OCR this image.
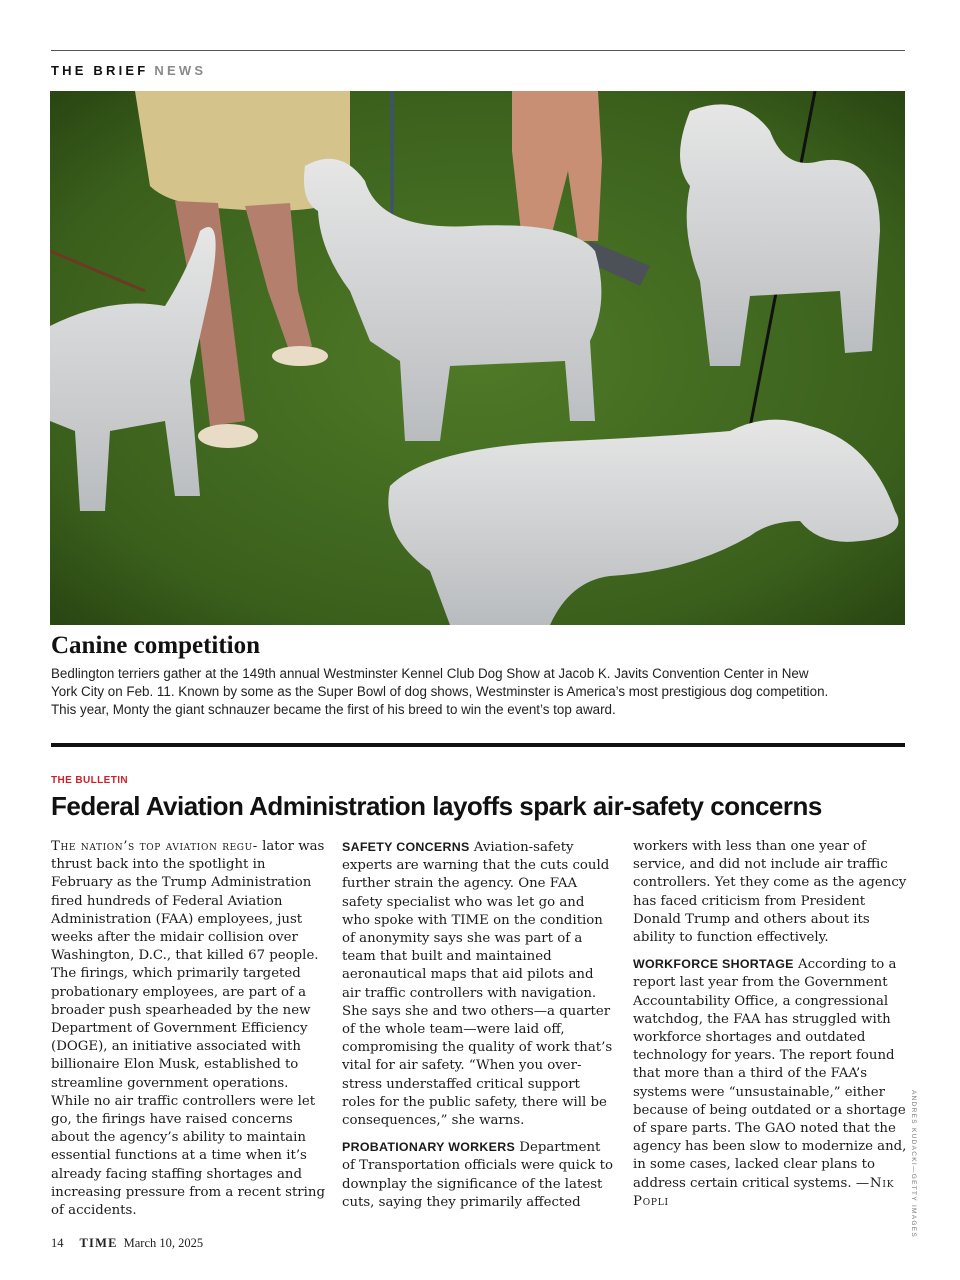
THE BRIEF NEWS
Canine competition
Bedlington terriers gather at the 149th annual Westminster Kennel Club Dog Show at Jacob K. Javits Convention Center in New York City on Feb. 11. Known by some as the Super Bowl of dog shows, Westminster is America’s most prestigious dog competition. This year, Monty the giant schnauzer became the first of his breed to win the event’s top award.
THE BULLETIN
Federal Aviation Administration layoffs spark air-safety concerns

The nation’s top aviation regu- lator was thrust back into the spotlight in February as the Trump Administration fired hundreds of Federal Aviation Administration (FAA) employees, just weeks after the midair collision over Washington, D.C., that killed 67 people. The firings, which primarily targeted probationary employees, are part of a broader push spearheaded by the new Department of Government Efficiency (DOGE), an initiative associated with billionaire Elon Musk, established to streamline government operations. While no air traffic controllers were let go, the firings have raised concerns about the agency’s ability to maintain essential functions at a time when it’s already facing staffing shortages and increasing pressure from a recent string of accidents.

SAFETY CONCERNS Aviation-safety experts are warning that the cuts could further strain the agency. One FAA safety specialist who was let go and who spoke with TIME on the condition of anonymity says she was part of a team that built and maintained aeronautical maps that aid pilots and air traffic controllers with navigation. She says she and two others—a quarter of the whole team—were laid off, compromising the quality of work that’s vital for air safety. “When you over-stress understaffed critical support roles for the public safety, there will be consequences,” she warns.

PROBATIONARY WORKERS Department of Transportation officials were quick to downplay the significance of the latest cuts, saying they primarily affected

workers with less than one year of service, and did not include air traffic controllers. Yet they come as the agency has faced criticism from President Donald Trump and others about its ability to function effectively.

WORKFORCE SHORTAGE According to a report last year from the Government Accountability Office, a congressional watchdog, the FAA has struggled with workforce shortages and outdated technology for years. The report found that more than a third of the FAA’s systems were “unsustainable,” either because of being outdated or a shortage of spare parts. The GAO noted that the agency has been slow to modernize and, in some cases, lacked clear plans to address certain critical systems. —Nik Popli	ANDRES KUDACKI—GETTY IMAGES
14 TIME March 10, 2025
